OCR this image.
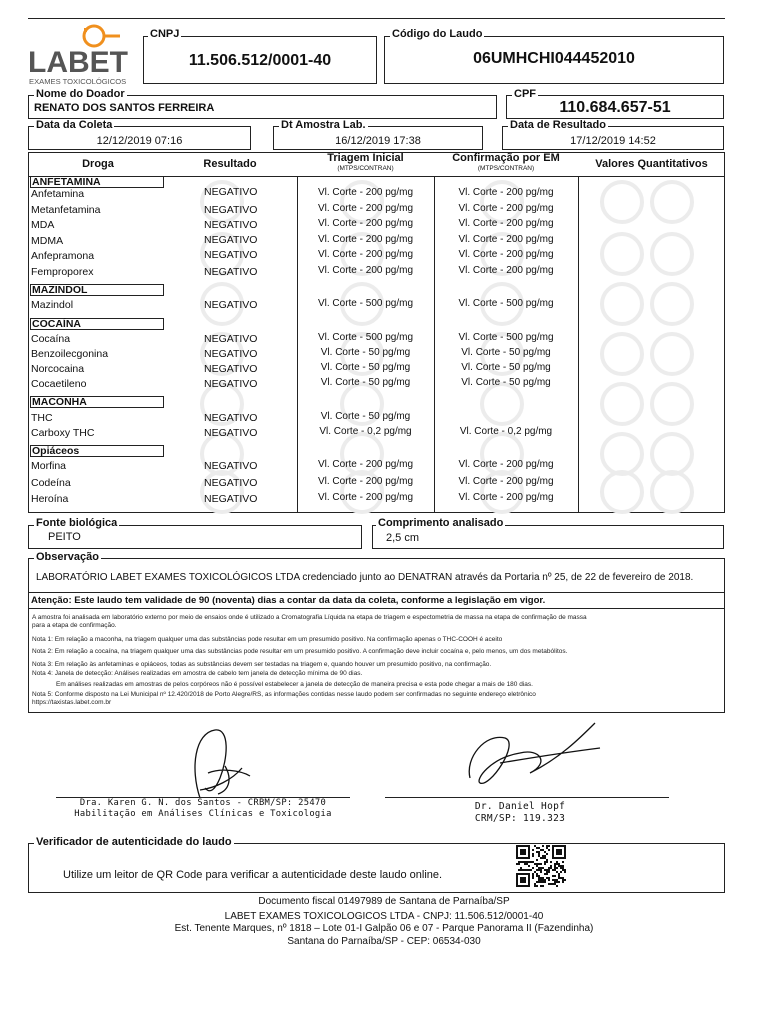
LABET
EXAMES TOXICOLÓGICOS
CNPJ
11.506.512/0001-40
Código do Laudo
06UMHCHI044452010
Nome do Doador
RENATO DOS SANTOS FERREIRA
CPF
110.684.657-51
Data da Coleta
12/12/2019 07:16
Dt Amostra Lab.
16/12/2019 17:38
Data de Resultado
17/12/2019 14:52
Droga	Resultado	Triagem Inicial
(MTPS/CONTRAN)
Confirmação por EM
(MTPS/CONTRAN)	Valores Quantitativos
ANFETAMINA
Anfetamina	NEGATIVO	Vl. Corte - 200 pg/mg	Vl. Corte - 200 pg/mg
Metanfetamina	NEGATIVO	Vl. Corte - 200 pg/mg	Vl. Corte - 200 pg/mg
MDA	NEGATIVO	Vl. Corte - 200 pg/mg	Vl. Corte - 200 pg/mg
MDMA	NEGATIVO	Vl. Corte - 200 pg/mg	Vl. Corte - 200 pg/mg
Anfepramona	NEGATIVO	Vl. Corte - 200 pg/mg	Vl. Corte - 200 pg/mg
Femproporex	NEGATIVO	Vl. Corte - 200 pg/mg	Vl. Corte - 200 pg/mg
MAZINDOL
Mazindol	NEGATIVO	Vl. Corte - 500 pg/mg	Vl. Corte - 500 pg/mg
COCAÍNA
Cocaína	NEGATIVO	Vl. Corte - 500 pg/mg	Vl. Corte - 500 pg/mg
Benzoilecgonina	NEGATIVO	Vl. Corte - 50 pg/mg	Vl. Corte - 50 pg/mg
Norcocaina	NEGATIVO	Vl. Corte - 50 pg/mg	Vl. Corte - 50 pg/mg
Cocaetileno	NEGATIVO	Vl. Corte - 50 pg/mg	Vl. Corte - 50 pg/mg
MACONHA
THC	NEGATIVO	Vl. Corte - 50 pg/mg
Carboxy THC	NEGATIVO	Vl. Corte - 0,2 pg/mg	Vl. Corte - 0,2 pg/mg
Opiáceos
Morfina	NEGATIVO	Vl. Corte - 200 pg/mg	Vl. Corte - 200 pg/mg
Codeína	NEGATIVO	Vl. Corte - 200 pg/mg	Vl. Corte - 200 pg/mg
Heroína	NEGATIVO	Vl. Corte - 200 pg/mg	Vl. Corte - 200 pg/mg
Fonte biológica
PEITO
Comprimento analisado
2,5 cm
Observação
LABORATÓRIO LABET EXAMES TOXICOLÓGICOS LTDA credenciado junto ao DENATRAN através da Portaria nº 25, de 22 de fevereiro de 2018.
Atenção: Este laudo tem validade de 90 (noventa) dias a contar da data da coleta, conforme a legislação em vigor.
A amostra foi analisada em laboratório externo por meio de ensaios onde é utilizado a Cromatografia Líquida na etapa de triagem e espectometria de massa na etapa de confirmação de massa
para a etapa de confirmação.
Nota 1: Em relação a maconha, na triagem qualquer uma das substâncias pode resultar em um presumido positivo. Na confirmação apenas o THC-COOH é aceito
Nota 2: Em relação a cocaína, na triagem qualquer uma das substâncias pode resultar em um presumido positivo. A confirmação deve incluir cocaína e, pelo menos, um dos metabólitos.
Nota 3: Em relação às anfetaminas e opiáceos, todas as substâncias devem ser testadas na triagem e, quando houver um presumido positivo, na confirmação.
Nota 4: Janela de detecção: Análises realizadas em amostra de cabelo tem janela de detecção mínima de 90 dias.
Em análises realizadas em amostras de pelos corpóreos não é possível estabelecer a janela de detecção de maneira precisa e esta pode chegar a mais de 180 dias.
Nota 5: Conforme disposto na Lei Municipal nº 12.420/2018 de Porto Alegre/RS, as informações contidas nesse laudo podem ser confirmadas no seguinte endereço eletrônico
https://taxistas.labet.com.br
Dra. Karen G. N. dos Santos - CRBM/SP: 25470
Habilitação em Análises Clínicas e Toxicologia
Dr. Daniel Hopf
CRM/SP: 119.323
Verificador de autenticidade do laudo
Utilize um leitor de QR Code para verificar a autenticidade deste laudo online.
Documento fiscal 01497989 de Santana de Parnaíba/SP
LABET EXAMES TOXICOLOGICOS LTDA - CNPJ: 11.506.512/0001-40
Est. Tenente Marques, nº 1818 – Lote 01-I Galpão 06 e 07 - Parque Panorama II (Fazendinha)
Santana do Parnaíba/SP - CEP: 06534-030
